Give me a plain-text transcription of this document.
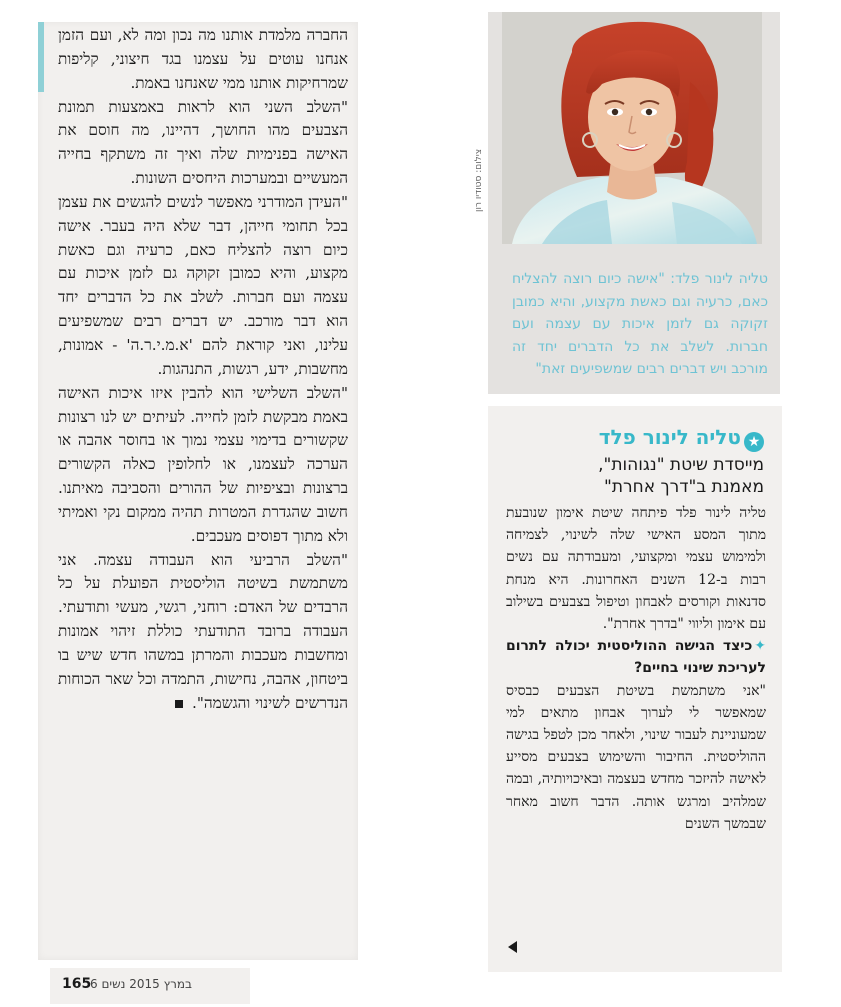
החברה מלמדת אותנו מה נכון ומה לא, ועם הזמן אנחנו עוטים על עצמנו בגד חיצוני, קליפות שמרחיקות אותנו ממי שאנחנו באמת.

"השלב השני הוא לראות באמצעות תמונת הצבעים מהו החושך, דהיינו, מה חוסם את האישה בפנימיות שלה ואיך זה משתקף בחייה המעשיים ובמערכות היחסים השונות.

"העידן המודרני מאפשר לנשים להגשים את עצמן בכל תחומי חייהן, דבר שלא היה בעבר. אישה כיום רוצה להצליח כאם, כרעיה וגם כאשת מקצוע, והיא כמובן זקוקה גם לזמן איכות עם עצמה ועם חברות. לשלב את כל הדברים יחד הוא דבר מורכב. יש דברים רבים שמשפיעים עלינו, ואני קוראת להם 'א.מ.י.ר.ה' - אמונות, מחשבות, ידע, רגשות, התנהגות.

"השלב השלישי הוא להבין איזו איכות האישה באמת מבקשת לזמן לחייה. לעיתים יש לנו רצונות שקשורים בדימוי עצמי נמוך או בחוסר אהבה או הערכה לעצמנו, או לחלופין כאלה הקשורים ברצונות ובציפיות של ההורים והסביבה מאיתנו. חשוב שהגדרת המטרות תהיה ממקום נקי ואמיתי ולא מתוך דפוסים מעכבים.

"השלב הרביעי הוא העבודה עצמה. אני משתמשת בשיטה הוליסטית הפועלת על כל הרבדים של האדם: רוחני, רגשי, מעשי ותודעתי. העבודה ברובד התודעתי כוללת זיהוי אמונות ומחשבות מעכבות והמרתן במשהו חדש שיש בו ביטחון, אהבה, נחישות, התמדה וכל שאר הכוחות הנדרשים לשינוי והגשמה".

165
6 במרץ 2015 נשים
צילום: סטודיו רון
טליה לינור פלד: "אישה כיום רוצה להצליח כאם, כרעיה וגם כאשת מקצוע, והיא כמובן זקוקה גם לזמן איכות עם עצמה ועם חברות. לשלב את כל הדברים יחד זה מורכב ויש דברים רבים שמשפיעים זאת"
★טליה לינור פלד
מייסדת שיטת "נגוהות",
מאמנת ב"דרך אחרת"

טליה לינור פלד פיתחה שיטת אימון שנובעת מתוך המסע האישי שלה לשינוי, לצמיחה ולמימוש עצמי ומקצועי, ומעבודתה עם נשים רבות ב-12 השנים האחרונות. היא מנחת סדנאות וקורסים לאבחון וטיפול בצבעים בשילוב עם אימון וליווי "בדרך אחרת".

✦כיצד הגישה ההוליסטית יכולה לתרום לעריכת שינוי בחיים?

"אני משתמשת בשיטת הצבעים כבסיס שמאפשר לי לערוך אבחון מתאים למי שמעוניינת לעבור שינוי, ולאחר מכן לטפל בגישה ההוליסטית. החיבור והשימוש בצבעים מסייע לאישה להיזכר מחדש בעצמה ובאיכויותיה, ובמה שמלהיב ומרגש אותה. הדבר חשוב מאחר שבמשך השנים
